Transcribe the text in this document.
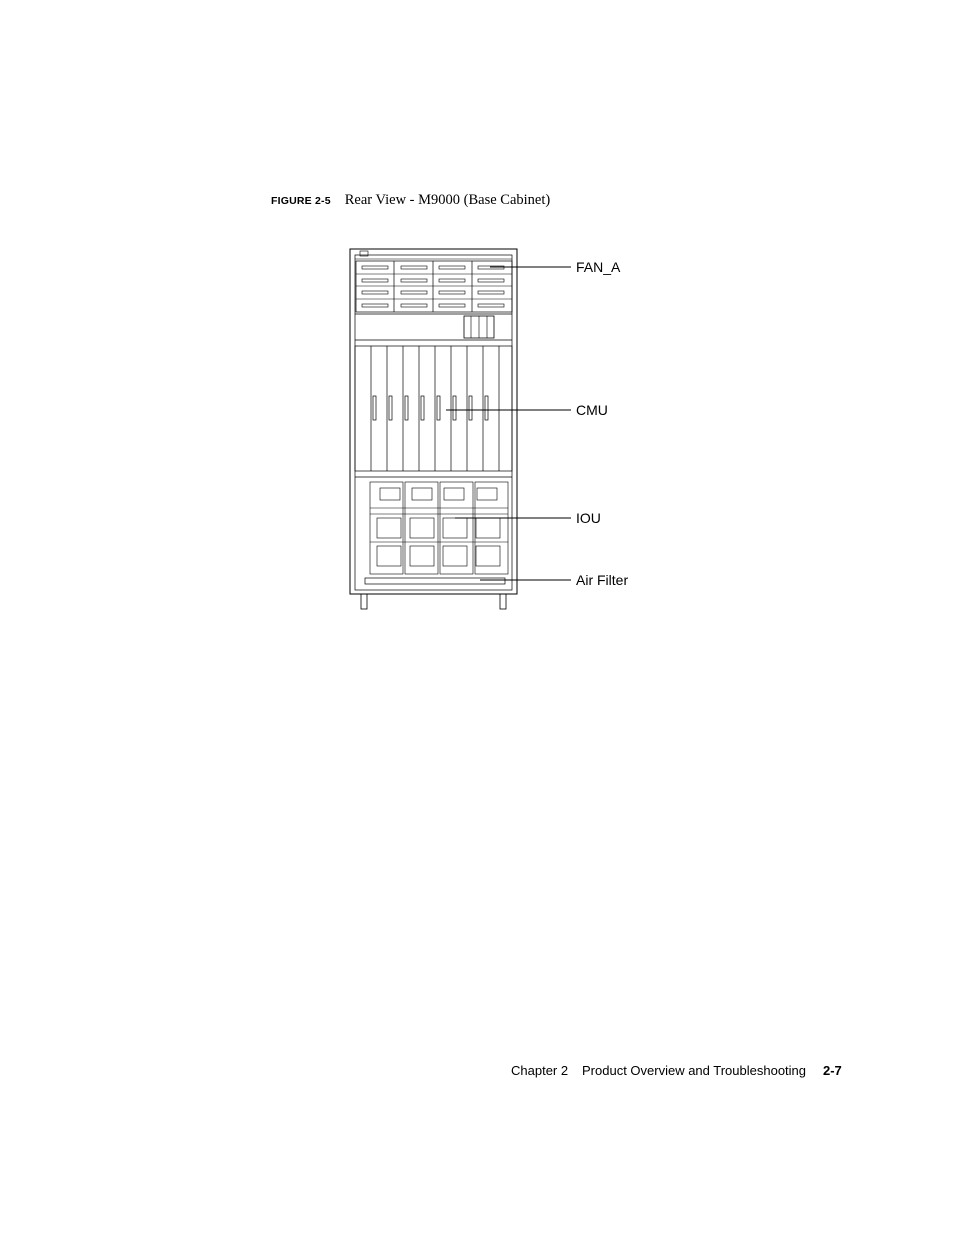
FIGURE 2-5 Rear View - M9000 (Base Cabinet)
FAN_A
CMU
IOU
Air Filter
Chapter 2 Product Overview and Troubleshooting 2-7
